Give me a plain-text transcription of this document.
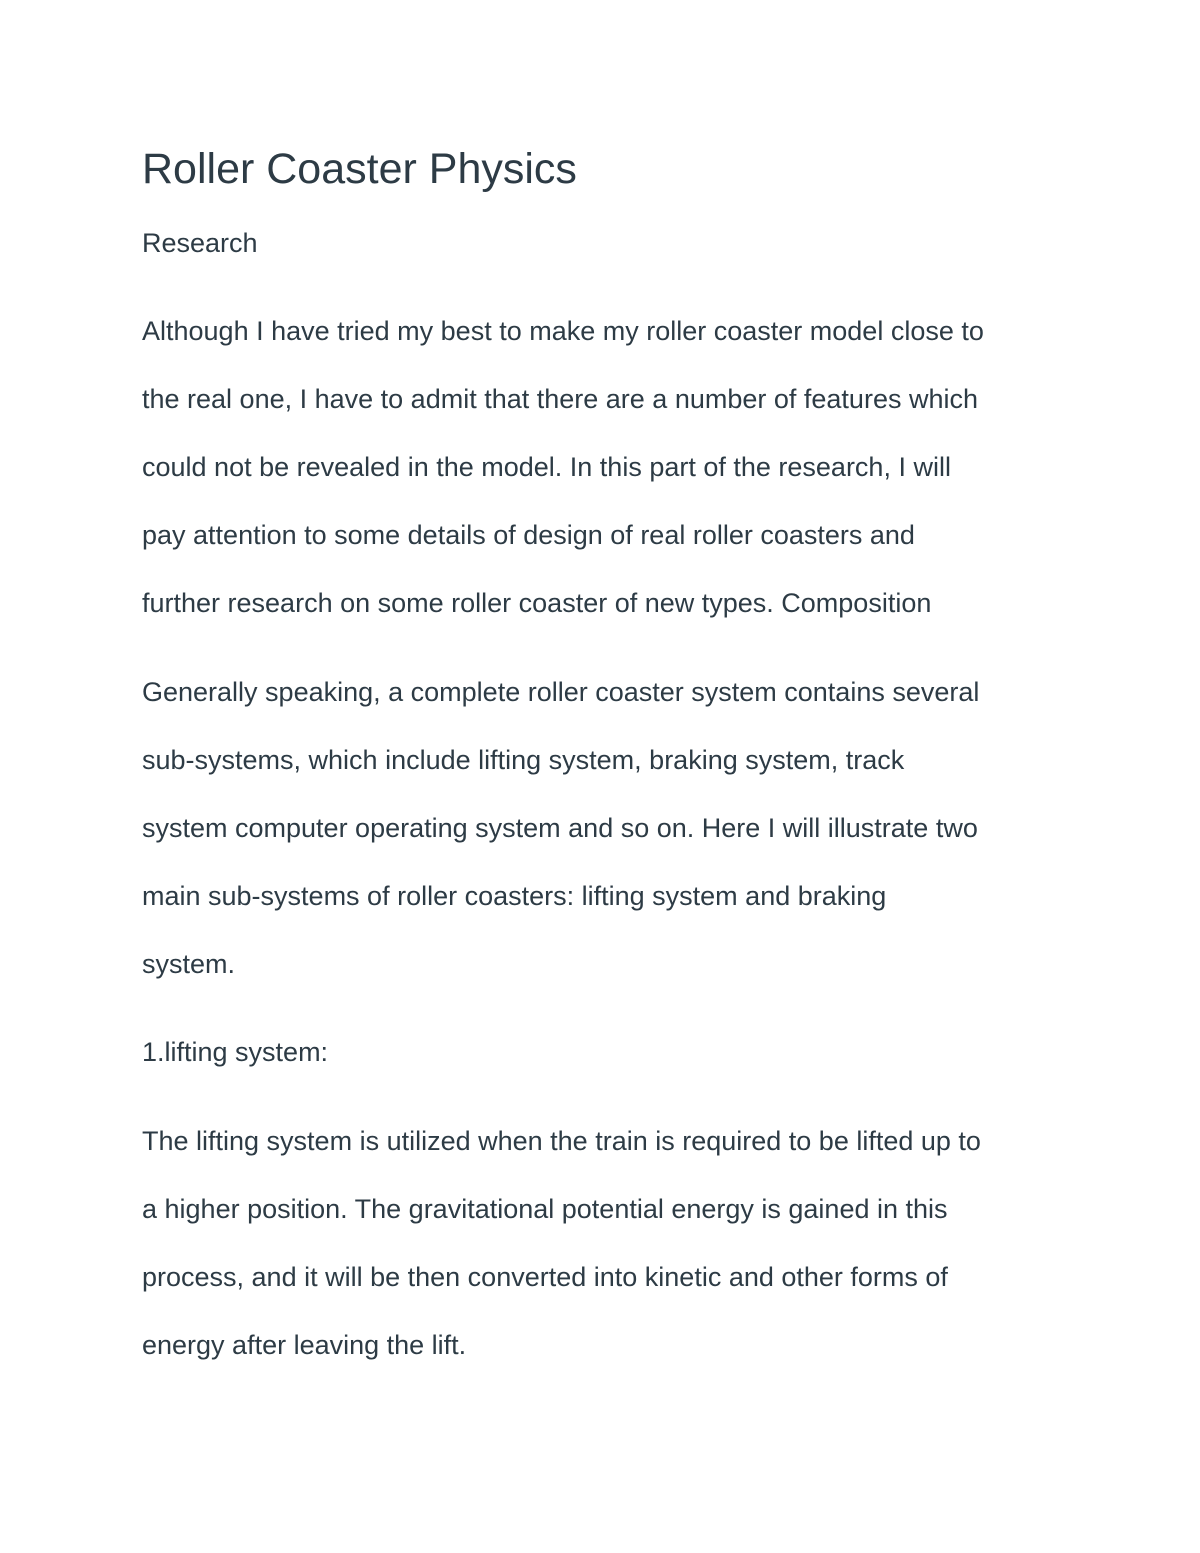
Roller Coaster Physics

Research

Although I have tried my best to make my roller coaster model close to

the real one, I have to admit that there are a number of features which

could not be revealed in the model. In this part of the research, I will

pay attention to some details of design of real roller coasters and

further research on some roller coaster of new types. Composition

Generally speaking, a complete roller coaster system contains several

sub-systems, which include lifting system, braking system, track

system computer operating system and so on. Here I will illustrate two

main sub-systems of roller coasters: lifting system and braking

system.

1.lifting system:

The lifting system is utilized when the train is required to be lifted up to

a higher position. The gravitational potential energy is gained in this

process, and it will be then converted into kinetic and other forms of

energy after leaving the lift.
